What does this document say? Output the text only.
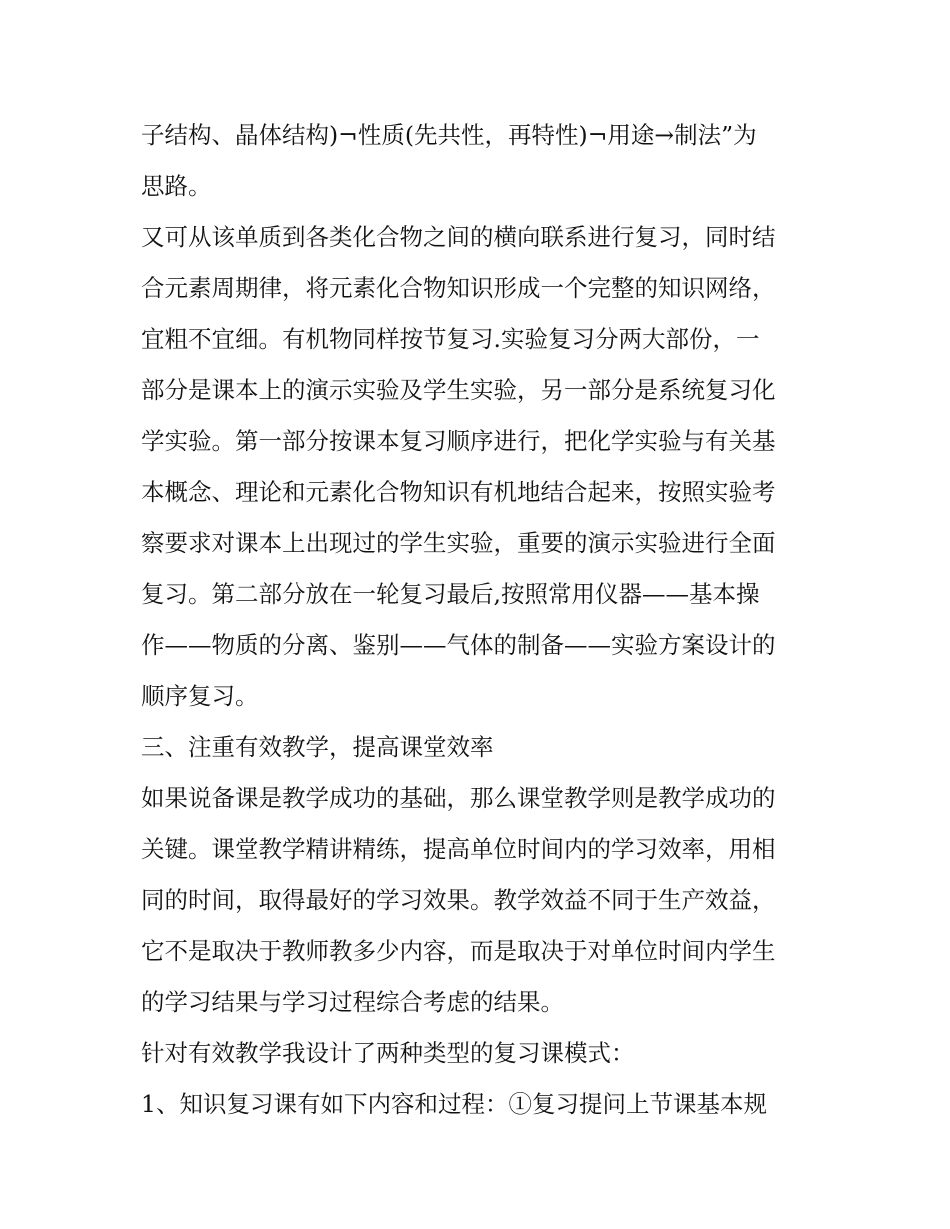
子结构、晶体结构)¬性质(先共性，再特性)¬用途→制法”为

思路。

又可从该单质到各类化合物之间的横向联系进行复习，同时结

合元素周期律，将元素化合物知识形成一个完整的知识网络，

宜粗不宜细。有机物同样按节复习.实验复习分两大部份，一

部分是课本上的演示实验及学生实验，另一部分是系统复习化

学实验。第一部分按课本复习顺序进行，把化学实验与有关基

本概念、理论和元素化合物知识有机地结合起来，按照实验考

察要求对课本上出现过的学生实验，重要的演示实验进行全面

复习。第二部分放在一轮复习最后,按照常用仪器——基本操

作——物质的分离、鉴别——气体的制备——实验方案设计的

顺序复习。

三、注重有效教学，提高课堂效率

如果说备课是教学成功的基础，那么课堂教学则是教学成功的

关键。课堂教学精讲精练，提高单位时间内的学习效率，用相

同的时间，取得最好的学习效果。教学效益不同于生产效益，

它不是取决于教师教多少内容，而是取决于对单位时间内学生

的学习结果与学习过程综合考虑的结果。

针对有效教学我设计了两种类型的复习课模式：

1、知识复习课有如下内容和过程：①复习提问上节课基本规
